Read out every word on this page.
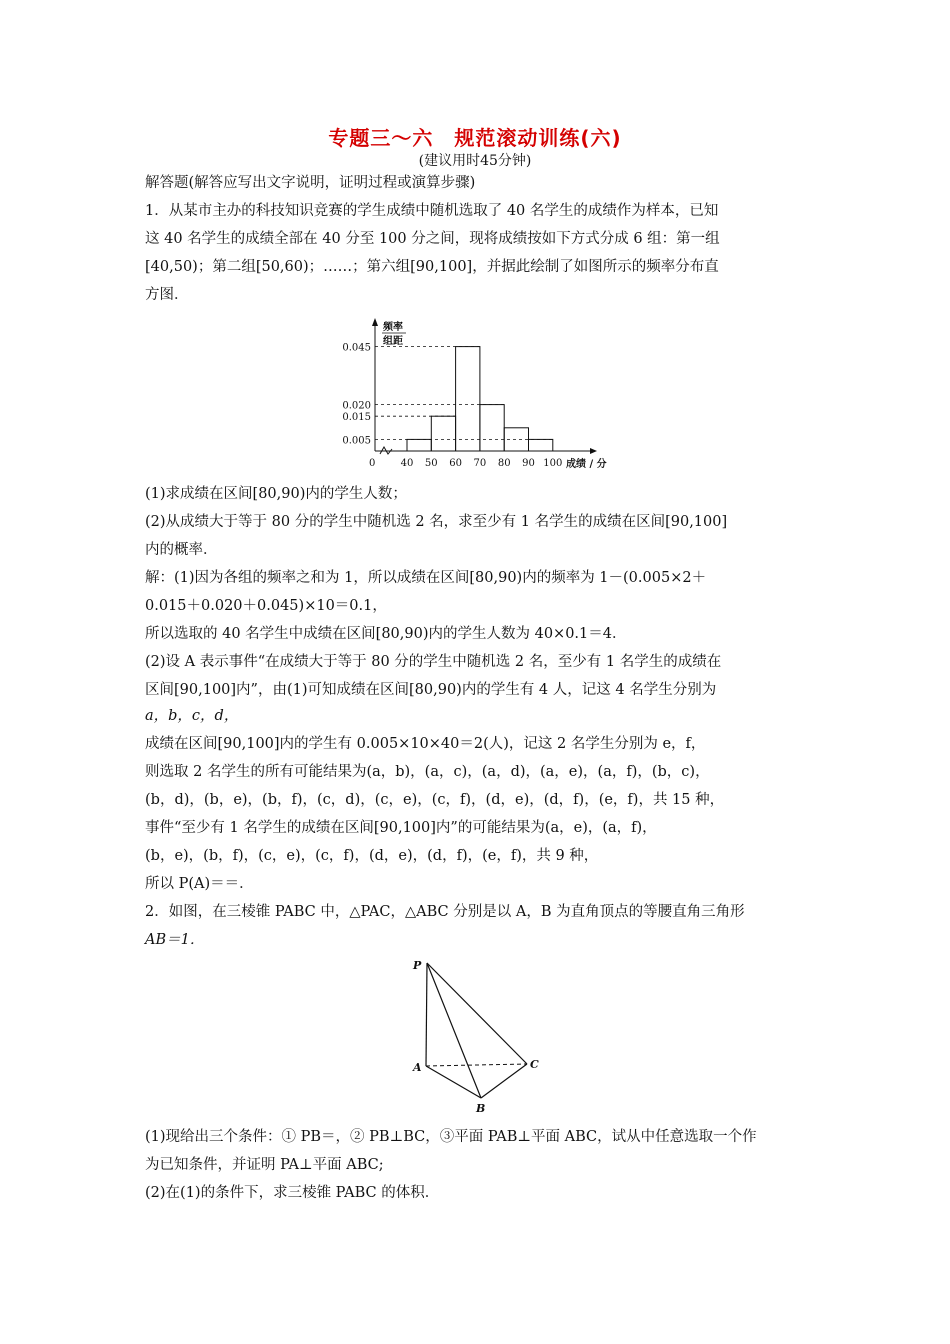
专题三～六　规范滚动训练(六)
(建议用时45分钟)
解答题(解答应写出文字说明，证明过程或演算步骤)
1．从某市主办的科技知识竞赛的学生成绩中随机选取了 40 名学生的成绩作为样本，已知
这 40 名学生的成绩全部在 40 分至 100 分之间，现将成绩按如下方式分成 6 组：第一组
[40,50)；第二组[50,60)；……；第六组[90,100]，并据此绘制了如图所示的频率分布直
方图．
频率
组距
0.005
0.015
0.020
0.045
0	40 50 60 70 80 90 100 成绩 / 分
(1)求成绩在区间[80,90)内的学生人数；
(2)从成绩大于等于 80 分的学生中随机选 2 名，求至少有 1 名学生的成绩在区间[90,100]
内的概率．
解：(1)因为各组的频率之和为 1，所以成绩在区间[80,90)内的频率为 1－(0.005×2＋
0.015＋0.020＋0.045)×10＝0.1，
所以选取的 40 名学生中成绩在区间[80,90)内的学生人数为 40×0.1＝4．
(2)设 A 表示事件“在成绩大于等于 80 分的学生中随机选 2 名，至少有 1 名学生的成绩在
区间[90,100]内”，由(1)可知成绩在区间[80,90)内的学生有 4 人，记这 4 名学生分别为
a，b，c，d，
成绩在区间[90,100]内的学生有 0.005×10×40＝2(人)，记这 2 名学生分别为 e，f，
则选取 2 名学生的所有可能结果为(a，b)，(a，c)，(a，d)，(a，e)，(a，f)，(b，c)，
(b，d)，(b，e)，(b，f)，(c，d)，(c，e)，(c，f)，(d，e)，(d，f)，(e，f)，共 15 种，
事件“至少有 1 名学生的成绩在区间[90,100]内”的可能结果为(a，e)，(a，f)，
(b，e)，(b，f)，(c，e)，(c，f)，(d，e)，(d，f)，(e，f)，共 9 种，
所以 P(A)＝＝．
2．如图，在三棱锥 PABC 中，△PAC，△ABC 分别是以 A，B 为直角顶点的等腰直角三角形
AB＝1．
P
A
B
C
(1)现给出三个条件：① PB＝，② PB⊥BC，③平面 PAB⊥平面 ABC，试从中任意选取一个作
为已知条件，并证明 PA⊥平面 ABC;
(2)在(1)的条件下，求三棱锥 PABC 的体积．
